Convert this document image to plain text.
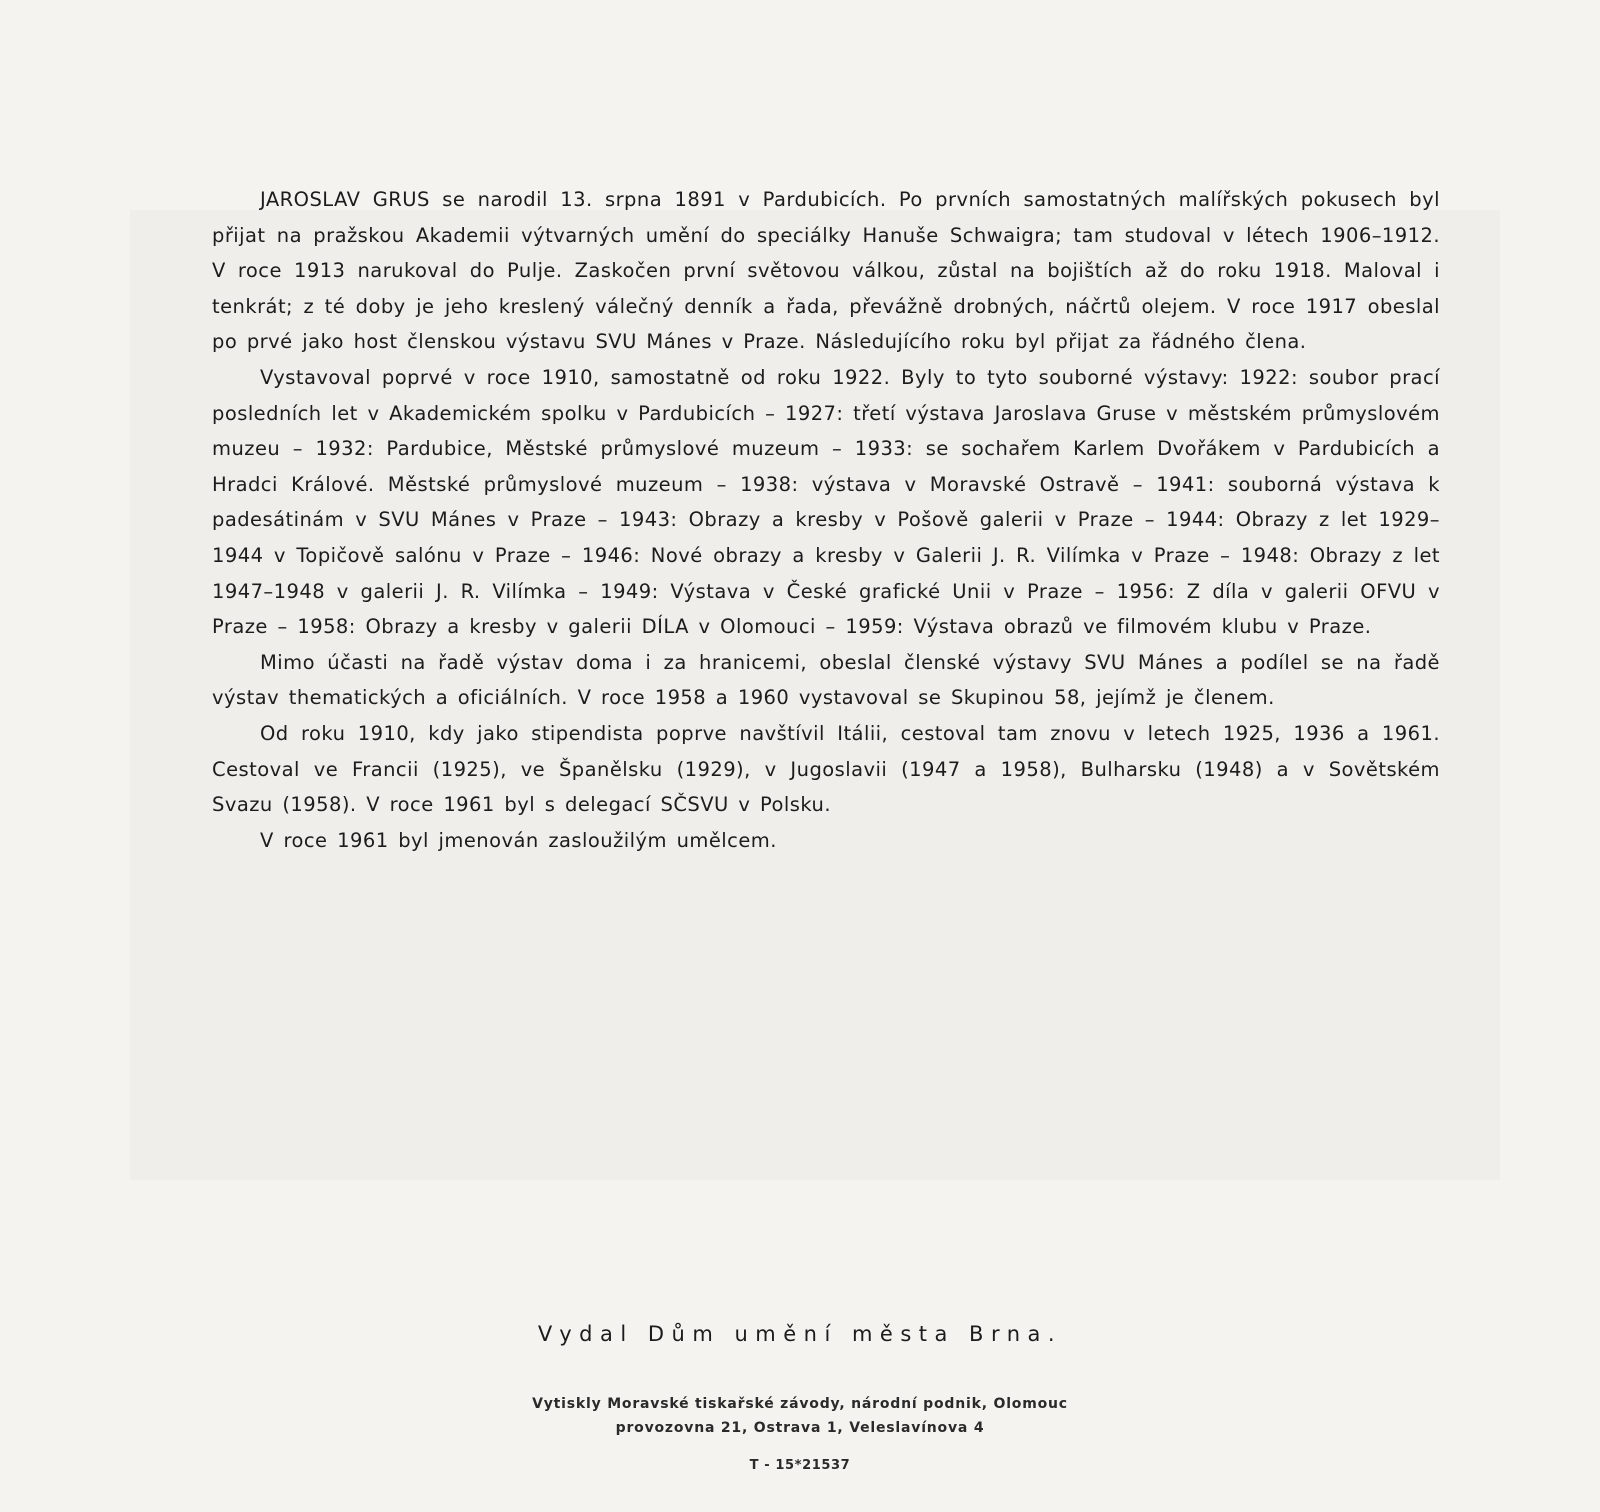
JAROSLAV GRUS se narodil 13. srpna 1891 v Pardubicích. Po prvních samostatných malířských pokusech byl přijat na pražskou Akademii výtvarných umění do speciálky Hanuše Schwaigra; tam studoval v létech 1906–1912. V roce 1913 narukoval do Pulje. Zaskočen první světovou válkou, zůstal na bojištích až do roku 1918. Maloval i tenkrát; z té doby je jeho kreslený válečný denník a řada, převážně drobných, náčrtů olejem. V roce 1917 obeslal po prvé jako host členskou výstavu SVU Mánes v Praze. Následujícího roku byl přijat za řádného člena.

Vystavoval poprvé v roce 1910, samostatně od roku 1922. Byly to tyto souborné výstavy: 1922: soubor prací posledních let v Akademickém spolku v Pardubicích – 1927: třetí výstava Jaroslava Gruse v městském průmyslovém muzeu – 1932: Pardubice, Městské průmyslové muzeum – 1933: se sochařem Karlem Dvořákem v Pardubicích a Hradci Králové. Městské průmyslové muzeum – 1938: výstava v Moravské Ostravě – 1941: souborná výstava k padesátinám v SVU Mánes v Praze – 1943: Obrazy a kresby v Pošově galerii v Praze – 1944: Obrazy z let 1929–1944 v Topičově salónu v Praze – 1946: Nové obrazy a kresby v Galerii J. R. Vilímka v Praze – 1948: Obrazy z let 1947–1948 v galerii J. R. Vilímka – 1949: Výstava v České grafické Unii v Praze – 1956: Z díla v galerii OFVU v Praze – 1958: Obrazy a kresby v galerii DÍLA v Olomouci – 1959: Výstava obrazů ve filmovém klubu v Praze.

Mimo účasti na řadě výstav doma i za hranicemi, obeslal členské výstavy SVU Mánes a podílel se na řadě výstav thematických a oficiálních. V roce 1958 a 1960 vystavoval se Skupinou 58, jejímž je členem.

Od roku 1910, kdy jako stipendista poprve navštívil Itálii, cestoval tam znovu v letech 1925, 1936 a 1961. Cestoval ve Francii (1925), ve Španělsku (1929), v Jugoslavii (1947 a 1958), Bulharsku (1948) a v Sovětském Svazu (1958). V roce 1961 byl s delegací SČSVU v Polsku.

V roce 1961 byl jmenován zasloužilým umělcem.

Vydal Dům umění města Brna.
Vytiskly Moravské tiskařské závody, národní podnik, Olomouc
provozovna 21, Ostrava 1, Veleslavínova 4
T - 15*21537
